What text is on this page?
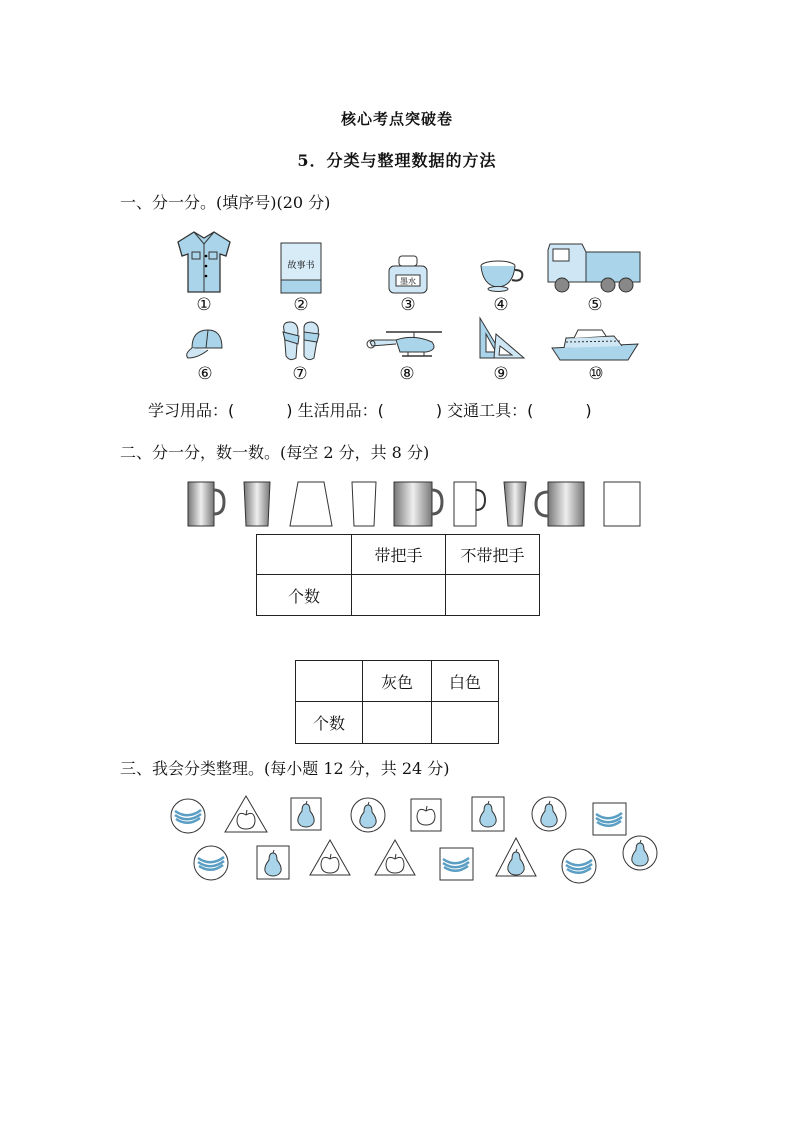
核心考点突破卷
5．分类与整理数据的方法
一、分一分。(填序号)(20 分)
故事书
墨水
①	②	③	④	⑤
⑥	⑦	⑧	⑨	⑩
学习用品：(	) 生活用品：(	) 交通工具：(	)
二、分一分，数一数。(每空 2 分，共 8 分)
	带把手	不带把手
个数		
	灰色	白色
个数		
三、我会分类整理。(每小题 12 分，共 24 分)
